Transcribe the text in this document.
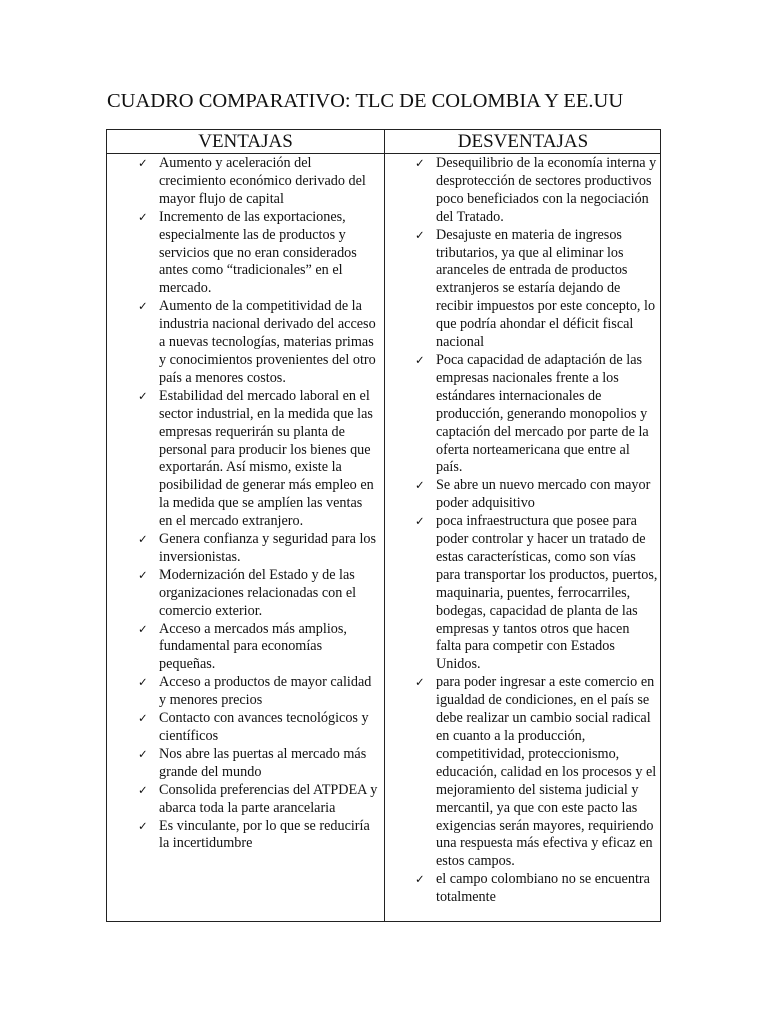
CUADRO COMPARATIVO: TLC DE COLOMBIA Y EE.UU
VENTAJAS	DESVENTAJAS
✓ Aumento y aceleración del crecimiento económico derivado del mayor flujo de capital
✓ Incremento de las exportaciones, especialmente las de productos y servicios que no eran considerados antes como “tradicionales” en el mercado.
✓ Aumento de la competitividad de la industria nacional derivado del acceso a nuevas tecnologías, materias primas y conocimientos provenientes del otro país a menores costos.
✓ Estabilidad del mercado laboral en el sector industrial, en la medida que las empresas requerirán su planta de personal para producir los bienes que exportarán. Así mismo, existe la posibilidad de generar más empleo en la medida que se amplíen las ventas en el mercado extranjero.
✓ Genera confianza y seguridad para los inversionistas.
✓ Modernización del Estado y de las organizaciones relacionadas con el comercio exterior.
✓ Acceso a mercados más amplios, fundamental para economías pequeñas.
✓ Acceso a productos de mayor calidad y menores precios
✓ Contacto con avances tecnológicos y científicos
✓ Nos abre las puertas al mercado más grande del mundo
✓ Consolida preferencias del ATPDEA y abarca toda la parte arancelaria
✓ Es vinculante, por lo que se reduciría la incertidumbre
✓ Desequilibrio de la economía interna y desprotección de sectores productivos poco beneficiados con la negociación del Tratado.
✓ Desajuste en materia de ingresos tributarios, ya que al eliminar los aranceles de entrada de productos extranjeros se estaría dejando de recibir impuestos por este concepto, lo que podría ahondar el déficit fiscal nacional
✓ Poca capacidad de adaptación de las empresas nacionales frente a los estándares internacionales de producción, generando monopolios y captación del mercado por parte de la oferta norteamericana que entre al país.
✓ Se abre un nuevo mercado con mayor poder adquisitivo
✓ poca infraestructura que posee para poder controlar y hacer un tratado de estas características, como son vías para transportar los productos, puertos, maquinaria, puentes, ferrocarriles, bodegas, capacidad de planta de las empresas y tantos otros que hacen falta para competir con Estados Unidos.
✓ para poder ingresar a este comercio en igualdad de condiciones, en el país se debe realizar un cambio social radical en cuanto a la producción, competitividad, proteccionismo, educación, calidad en los procesos y el mejoramiento del sistema judicial y mercantil, ya que con este pacto las exigencias serán mayores, requiriendo una respuesta más efectiva y eficaz en estos campos.
✓ el campo colombiano no se encuentra totalmente
